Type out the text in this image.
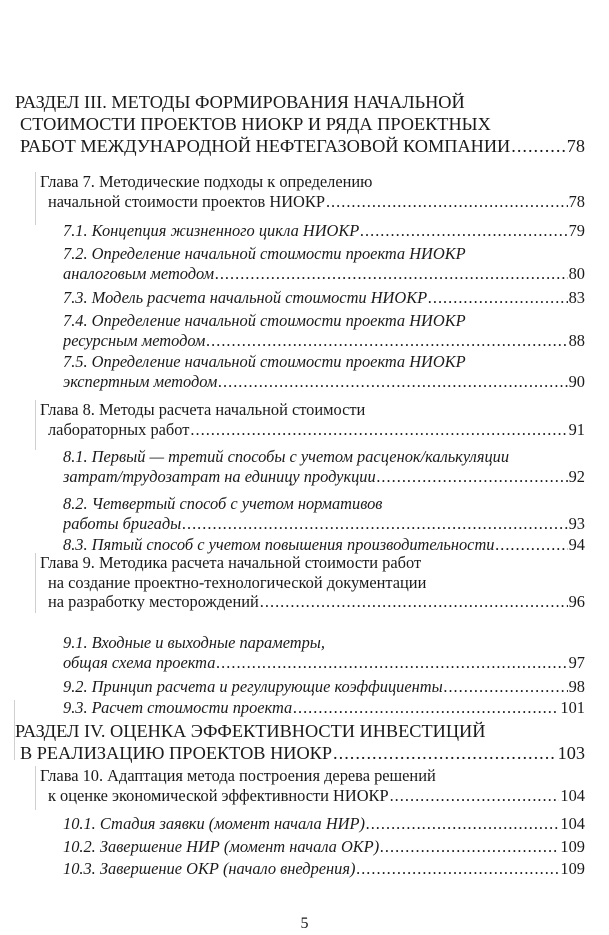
РАЗДЕЛ III. МЕТОДЫ ФОРМИРОВАНИЯ НАЧАЛЬНОЙ
СТОИМОСТИ ПРОЕКТОВ НИОКР И РЯДА ПРОЕКТНЫХ
РАБОТ МЕЖДУНАРОДНОЙ НЕФТЕГАЗОВОЙ КОМПАНИИ .....	78
Глава 7. Методические подходы к определению
начальной стоимости проектов НИОКР .....	78
7.1. Концепция жизненного цикла НИОКР .....	79
7.2. Определение начальной стоимости проекта НИОКР
аналоговым методом .....	80
7.3. Модель расчета начальной стоимости НИОКР .....	83
7.4. Определение начальной стоимости проекта НИОКР
ресурсным методом .....	88
7.5. Определение начальной стоимости проекта НИОКР
экспертным методом .....	90
Глава 8. Методы расчета начальной стоимости
лабораторных работ .....	91
8.1. Первый — третий способы с учетом расценок/калькуляции
затрат/трудозатрат на единицу продукции .....	92
8.2. Четвертый способ с учетом нормативов
работы бригады .....	93
8.3. Пятый способ с учетом повышения производительности .....	94
Глава 9. Методика расчета начальной стоимости работ
на создание проектно-технологической документации
на разработку месторождений .....	96
9.1. Входные и выходные параметры,
общая схема проекта .....	97
9.2. Принцип расчета и регулирующие коэффициенты .....	98
9.3. Расчет стоимости проекта .....	101
РАЗДЕЛ IV. ОЦЕНКА ЭФФЕКТИВНОСТИ ИНВЕСТИЦИЙ
В РЕАЛИЗАЦИЮ ПРОЕКТОВ НИОКР .....	103
Глава 10. Адаптация метода построения дерева решений
к оценке экономической эффективности НИОКР .....	104
10.1. Стадия заявки (момент начала НИР) .....	104
10.2. Завершение НИР (момент начала ОКР) .....	109
10.3. Завершение ОКР (начало внедрения) .....	109
5
